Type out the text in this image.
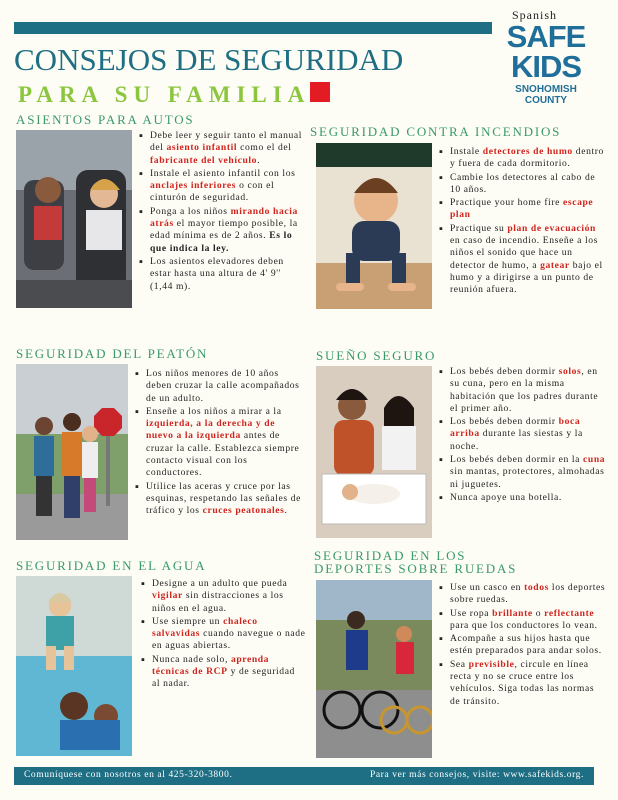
Spanish
SAFE
KIDS
SNOHOMISH
COUNTY
CONSEJOS DE SEGURIDAD
PARA SU FAMILIA
ASIENTOS PARA AUTOS
▪ Debe leer y seguir tanto el manual del asiento infantil como el del fabricante del vehículo.
▪ Instale el asiento infantil con los anclajes inferiores o con el cinturón de seguridad.
▪ Ponga a los niños mirando hacia atrás el mayor tiempo posible, la edad mínima es de 2 años. Es lo que indica la ley.
▪ Los asientos elevadores deben estar hasta una altura de 4' 9'' (1,44 m).
SEGURIDAD CONTRA INCENDIOS
▪ Instale detectores de humo dentro y fuera de cada dormitorio.
▪ Cambie los detectores al cabo de 10 años.
▪ Practique your home fire escape plan
▪ Practique su plan de evacuación en caso de incendio. Enseñe a los niños el sonido que hace un detector de humo, a gatear bajo el humo y a dirigirse a un punto de reunión afuera.
SEGURIDAD DEL PEATÓN
▪ Los niños menores de 10 años deben cruzar la calle acompañados de un adulto.
▪ Enseñe a los niños a mirar a la izquierda, a la derecha y de nuevo a la izquierda antes de cruzar la calle. Establezca siempre contacto visual con los conductores.
▪ Utilice las aceras y cruce por las esquinas, respetando las señales de tráfico y los cruces peatonales.
SUEÑO SEGURO
▪ Los bebés deben dormir solos, en su cuna, pero en la misma habitación que los padres durante el primer año.
▪ Los bebés deben dormir boca arriba durante las siestas y la noche.
▪ Los bebés deben dormir en la cuna sin mantas, protectores, almohadas ni juguetes.
▪ Nunca apoye una botella.
SEGURIDAD EN EL AGUA
▪ Designe a un adulto que pueda vigilar sin distracciones a los niños en el agua.
▪ Use siempre un chaleco salvavidas cuando navegue o nade en aguas abiertas.
▪ Nunca nade solo, aprenda técnicas de RCP y de seguridad al nadar.
SEGURIDAD EN LOS
DEPORTES SOBRE RUEDAS
▪ Use un casco en todos los deportes sobre ruedas.
▪ Use ropa brillante o reflectante para que los conductores lo vean.
▪ Acompañe a sus hijos hasta que estén preparados para andar solos.
▪ Sea previsible, circule en línea recta y no se cruce entre los vehículos. Siga todas las normas de tránsito.
Comuníquese con nosotros en al 425-320-3800.	Para ver más consejos, visite: www.safekids.org.
